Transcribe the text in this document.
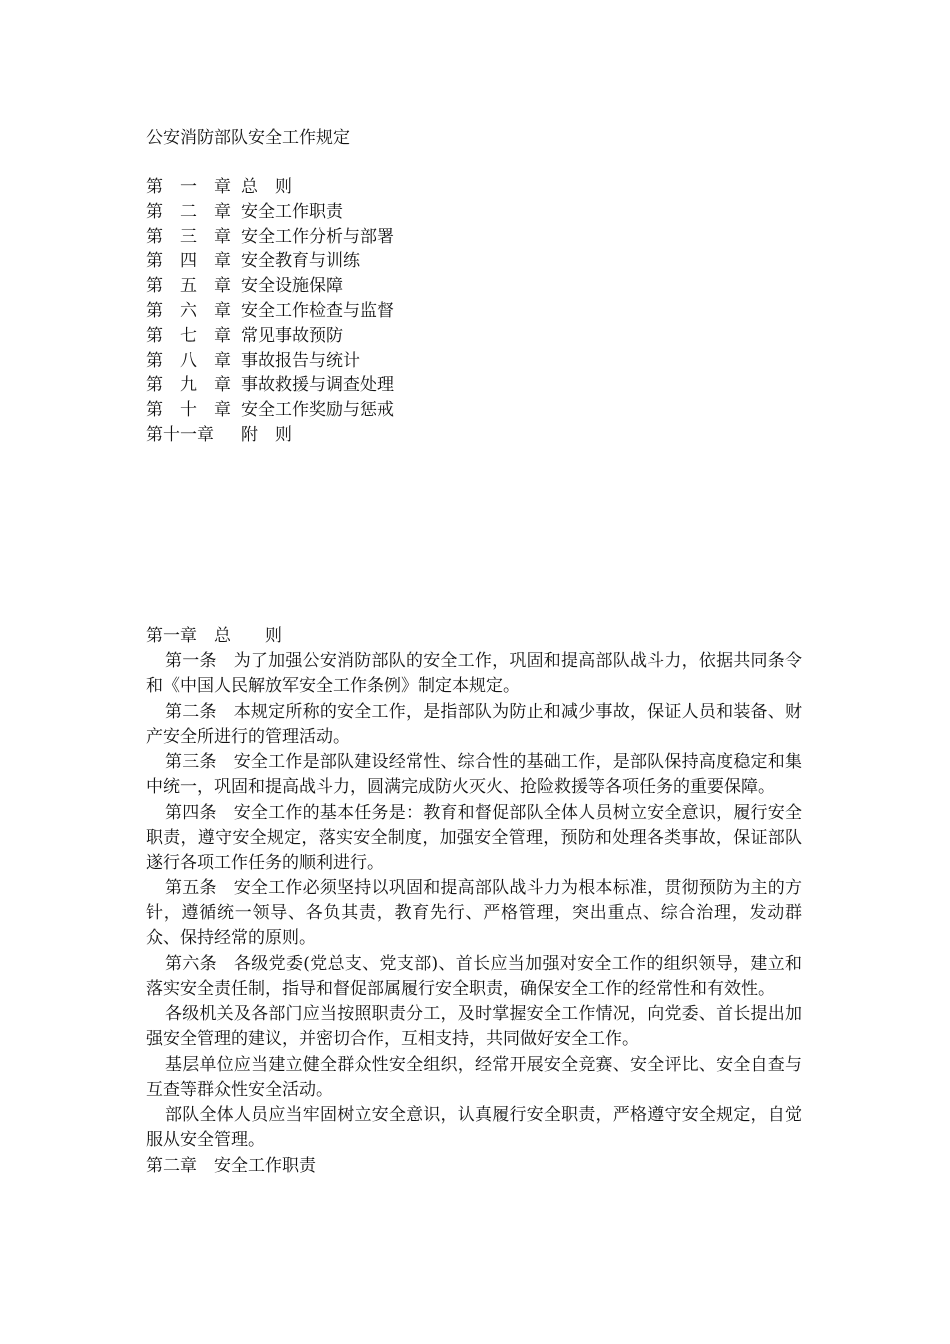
公安消防部队安全工作规定
第　一　章 总　则
第　二　章 安全工作职责
第　三　章 安全工作分析与部署
第　四　章 安全教育与训练
第　五　章 安全设施保障
第　六　章 安全工作检查与监督
第　七　章 常见事故预防
第　八　章 事故报告与统计
第　九　章 事故救援与调查处理
第　十　章 安全工作奖励与惩戒
第十一章	附　则
第一章　总　　则

第一条 为了加强公安消防部队的安全工作，巩固和提高部队战斗力，依据共同条令和《中国人民解放军安全工作条例》制定本规定。

第二条 本规定所称的安全工作，是指部队为防止和减少事故，保证人员和装备、财产安全所进行的管理活动。

第三条 安全工作是部队建设经常性、综合性的基础工作，是部队保持高度稳定和集中统一，巩固和提高战斗力，圆满完成防火灭火、抢险救援等各项任务的重要保障。

第四条 安全工作的基本任务是：教育和督促部队全体人员树立安全意识，履行安全职责，遵守安全规定，落实安全制度，加强安全管理，预防和处理各类事故，保证部队遂行各项工作任务的顺利进行。

第五条 安全工作必须坚持以巩固和提高部队战斗力为根本标准，贯彻预防为主的方针，遵循统一领导、各负其责，教育先行、严格管理，突出重点、综合治理，发动群众、保持经常的原则。

第六条 各级党委(党总支、党支部)、首长应当加强对安全工作的组织领导，建立和落实安全责任制，指导和督促部属履行安全职责，确保安全工作的经常性和有效性。

各级机关及各部门应当按照职责分工，及时掌握安全工作情况，向党委、首长提出加强安全管理的建议，并密切合作，互相支持，共同做好安全工作。

基层单位应当建立健全群众性安全组织，经常开展安全竞赛、安全评比、安全自查与互查等群众性安全活动。

部队全体人员应当牢固树立安全意识，认真履行安全职责，严格遵守安全规定，自觉服从安全管理。

第二章　安全工作职责
